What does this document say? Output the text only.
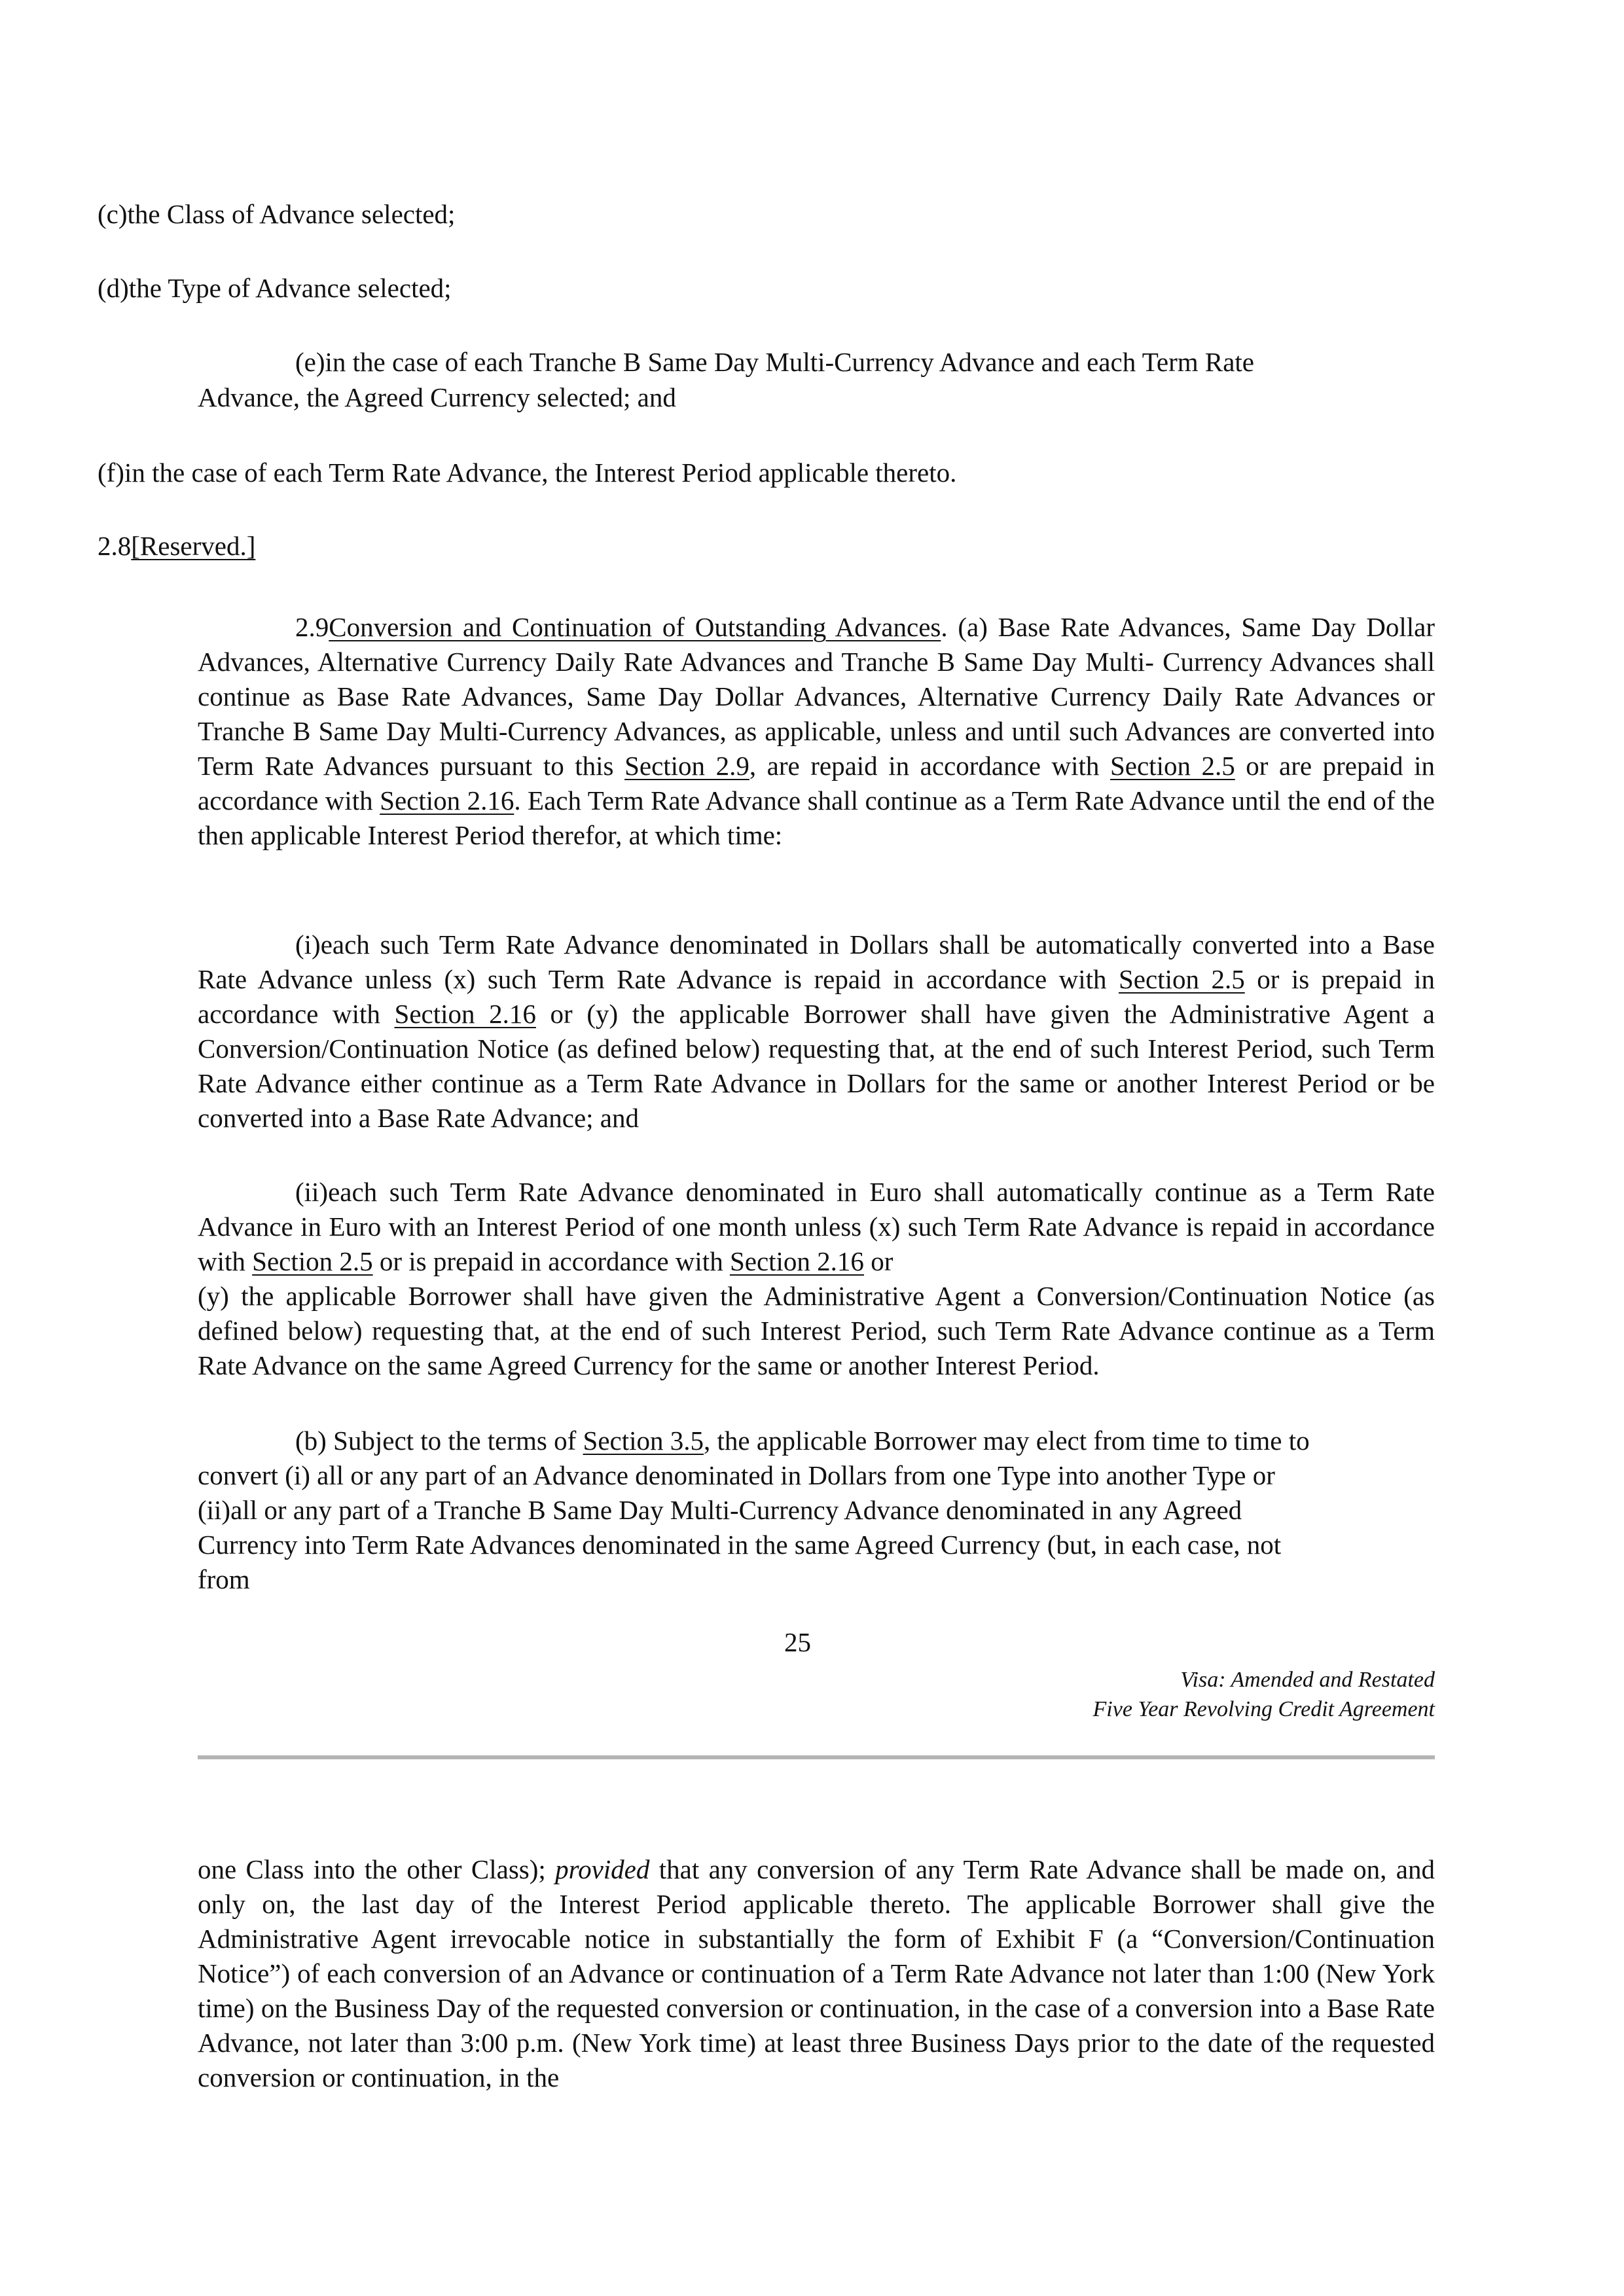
(c)the Class of Advance selected;
(d)the Type of Advance selected;
(e)in the case of each Tranche B Same Day Multi-Currency Advance and each Term Rate
Advance, the Agreed Currency selected; and
(f)in the case of each Term Rate Advance, the Interest Period applicable thereto.
2.8[Reserved.]
2.9Conversion and Continuation of Outstanding Advances. (a) Base Rate Advances, Same Day Dollar Advances, Alternative Currency Daily Rate Advances and Tranche B Same Day Multi- Currency Advances shall continue as Base Rate Advances, Same Day Dollar Advances, Alternative Currency Daily Rate Advances or Tranche B Same Day Multi-Currency Advances, as applicable, unless and until such Advances are converted into Term Rate Advances pursuant to this Section 2.9, are repaid in accordance with Section 2.5 or are prepaid in accordance with Section 2.16. Each Term Rate Advance shall continue as a Term Rate Advance until the end of the then applicable Interest Period therefor, at which time:
(i)each such Term Rate Advance denominated in Dollars shall be automatically converted into a Base Rate Advance unless (x) such Term Rate Advance is repaid in accordance with Section 2.5 or is prepaid in accordance with Section 2.16 or (y) the applicable Borrower shall have given the Administrative Agent a Conversion/Continuation Notice (as defined below) requesting that, at the end of such Interest Period, such Term Rate Advance either continue as a Term Rate Advance in Dollars for the same or another Interest Period or be converted into a Base Rate Advance; and
(ii)each such Term Rate Advance denominated in Euro shall automatically continue as a Term Rate Advance in Euro with an Interest Period of one month unless (x) such Term Rate Advance is repaid in accordance with Section 2.5 or is prepaid in accordance with Section 2.16 or
(y) the applicable Borrower shall have given the Administrative Agent a Conversion/Continuation Notice (as defined below) requesting that, at the end of such Interest Period, such Term Rate Advance continue as a Term Rate Advance on the same Agreed Currency for the same or another Interest Period.
(b) Subject to the terms of Section 3.5, the applicable Borrower may elect from time to time to
convert (i) all or any part of an Advance denominated in Dollars from one Type into another Type or
(ii)all or any part of a Tranche B Same Day Multi-Currency Advance denominated in any Agreed
Currency into Term Rate Advances denominated in the same Agreed Currency (but, in each case, not
from
25
Visa: Amended and Restated
Five Year Revolving Credit Agreement
one Class into the other Class); provided that any conversion of any Term Rate Advance shall be made on, and only on, the last day of the Interest Period applicable thereto. The applicable Borrower shall give the Administrative Agent irrevocable notice in substantially the form of Exhibit F (a “Conversion/Continuation Notice”) of each conversion of an Advance or continuation of a Term Rate Advance not later than 1:00 (New York time) on the Business Day of the requested conversion or continuation, in the case of a conversion into a Base Rate Advance, not later than 3:00 p.m. (New York time) at least three Business Days prior to the date of the requested conversion or continuation, in the
